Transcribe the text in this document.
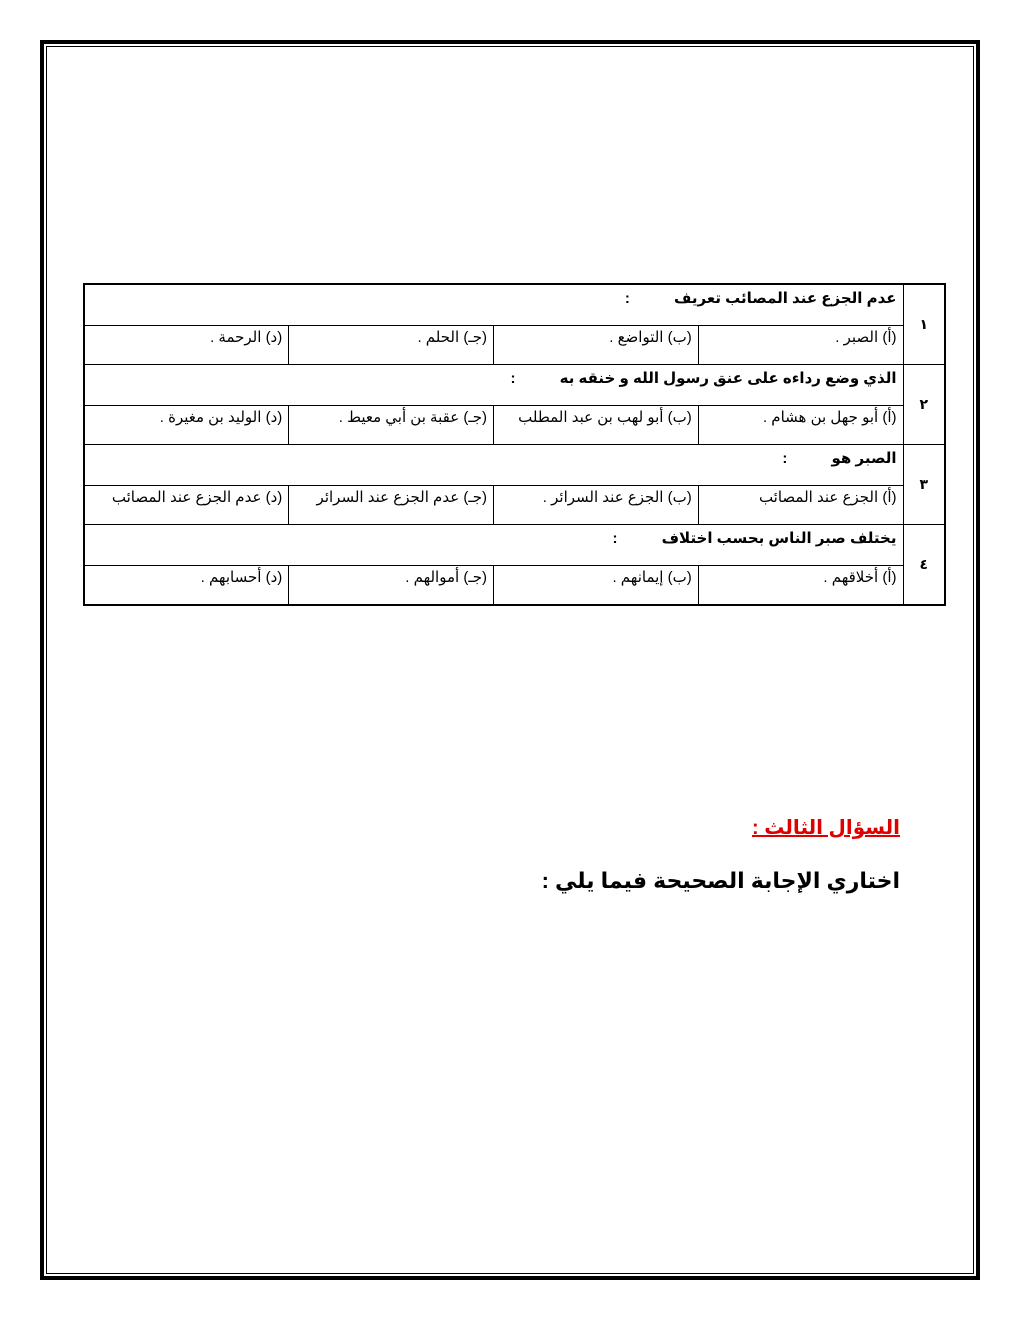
١	عدم الجزع عند المصائب تعريف :			
	(أ) الصبر .	(ب) التواضع .	(جـ) الحلم .	(د) الرحمة .
٢	الذي وضع رداءه على عنق رسول الله و خنقه به :			
	(أ) أبو جهل بن هشام .	(ب) أبو لهب بن عبد المطلب	(جـ) عقبة بن أبي معيط .	(د) الوليد بن مغيرة .
٣	الصبر هو :			
	(أ) الجزع عند المصائب	(ب) الجزع عند السرائر .	(جـ) عدم الجزع عند السرائر	(د) عدم الجزع عند المصائب
٤	يختلف صبر الناس بحسب اختلاف :			
	(أ) أخلاقهم .	(ب) إيمانهم .	(جـ) أموالهم .	(د) أحسابهم .
السؤال الثالث :
اختاري الإجابة الصحيحة فيما يلي :
